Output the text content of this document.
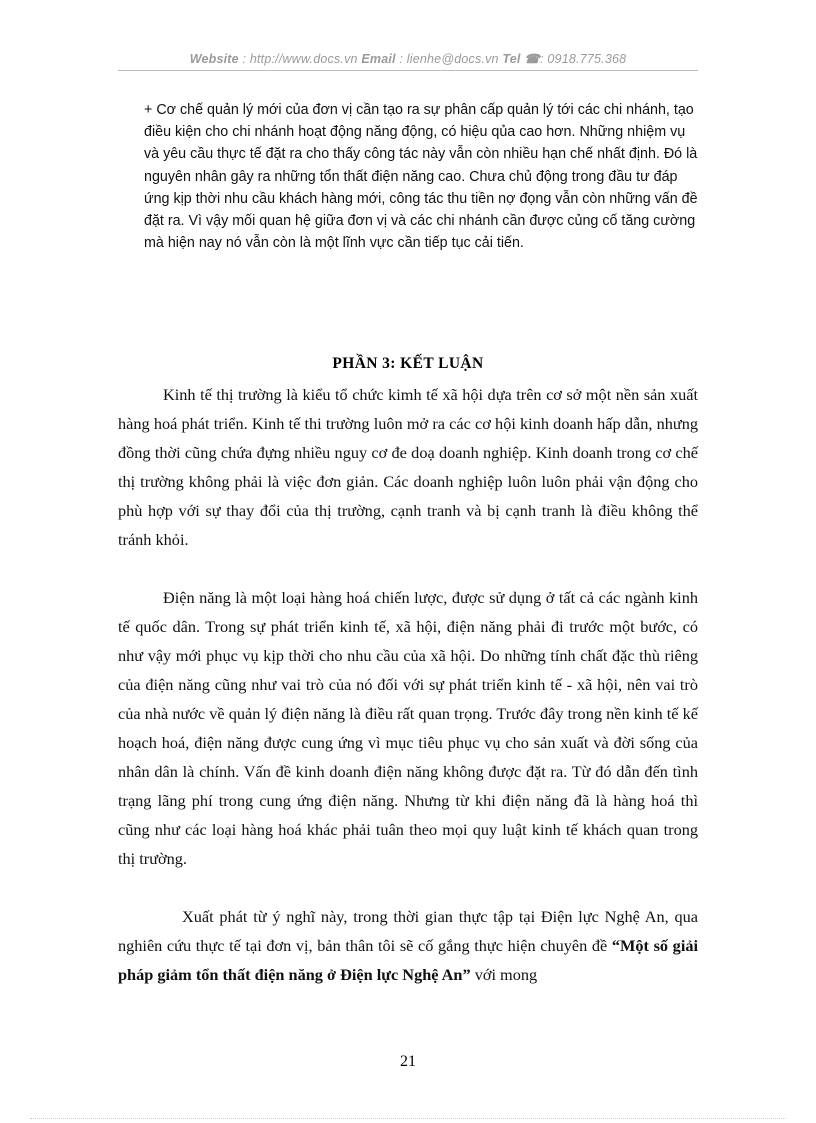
Website : http://www.docs.vn Email : lienhe@docs.vn Tel ☎: 0918.775.368
+ Cơ chế quản lý mới của đơn vị cần tạo ra sự phân cấp quản lý tới các chi nhánh, tạo điều kiện cho chi nhánh hoạt động năng động, có hiệu qủa cao hơn. Những nhiệm vụ và yêu cầu thực tế đặt ra cho thấy công tác này vẫn còn nhiều hạn chế nhất định. Đó là nguyên nhân gây ra những tổn thất điện năng cao. Chưa chủ động trong đầu tư đáp ứng kịp thời nhu cầu khách hàng mới, công tác thu tiền nợ đọng vẫn còn những vấn đề đặt ra. Vì vậy mối quan hệ giữa đơn vị và các chi nhánh cần được củng cố tăng cường mà hiện nay nó vẫn còn là một lĩnh vực cần tiếp tục cải tiến.
PHẦN 3: KẾT LUẬN
Kinh tế thị trường là kiểu tổ chức kimh tế xã hội dựa trên cơ sở một nền sản xuất hàng hoá phát triển. Kinh tế thi trường luôn mở ra các cơ hội kinh doanh hấp dẫn, nhưng đồng thời cũng chứa đựng nhiều nguy cơ đe doạ doanh nghiệp. Kinh doanh trong cơ chế thị trường không phải là việc đơn giản. Các doanh nghiệp luôn luôn phải vận động cho phù hợp với sự thay đổi của thị trường, cạnh tranh và bị cạnh tranh là điều không thể tránh khỏi.
Điện năng là một loại hàng hoá chiến lược, được sử dụng ở tất cả các ngành kinh tế quốc dân. Trong sự phát triển kinh tế, xã hội, điện năng phải đi trước một bước, có như vậy mới phục vụ kịp thời cho nhu cầu của xã hội. Do những tính chất đặc thù riêng của điện năng cũng như vai trò của nó đối với sự phát triển kinh tế - xã hội, nên vai trò của nhà nước về quản lý điện năng là điều rất quan trọng. Trước đây trong nền kinh tế kế hoạch hoá, điện năng được cung ứng vì mục tiêu phục vụ cho sản xuất và đời sống của nhân dân là chính. Vấn đề kinh doanh điện năng không được đặt ra. Từ đó dẫn đến tình trạng lãng phí trong cung ứng điện năng. Nhưng từ khi điện năng đã là hàng hoá thì cũng như các loại hàng hoá khác phải tuân theo mọi quy luật kinh tế khách quan trong thị trường.
Xuất phát từ ý nghĩ này, trong thời gian thực tập tại Điện lực Nghệ An, qua nghiên cứu thực tế tại đơn vị, bản thân tôi sẽ cố gắng thực hiện chuyên đề “Một số giải pháp giảm tổn thất điện năng ở Điện lực Nghệ An” với mong
21
